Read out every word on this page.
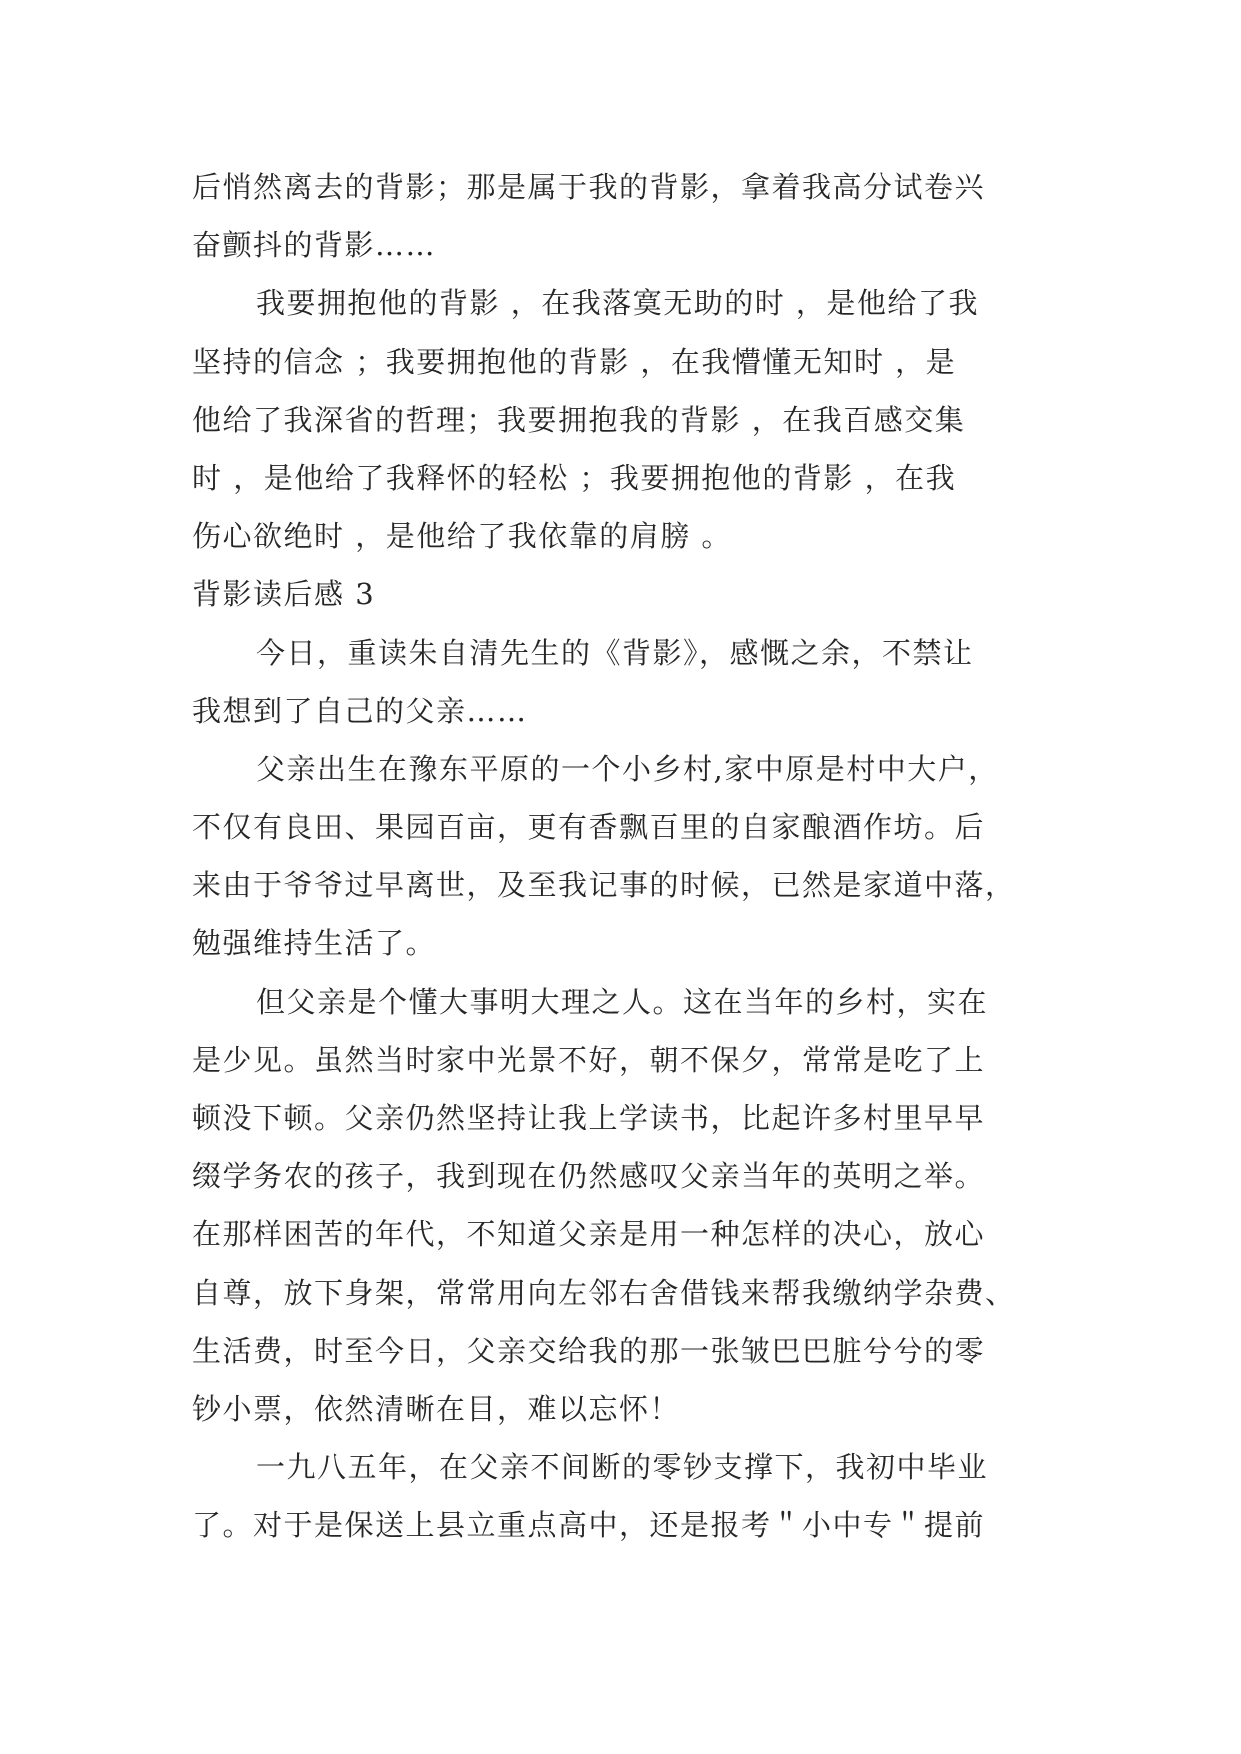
后悄然离去的背影；那是属于我的背影，拿着我高分试卷兴
奋颤抖的背影……
我要拥抱他的背影 ，在我落寞无助的时 ，是他给了我
坚持的信念 ；我要拥抱他的背影 ，在我懵懂无知时 ，是
他给了我深省的哲理；我要拥抱我的背影 ，在我百感交集
时 ，是他给了我释怀的轻松 ；我要拥抱他的背影 ，在我
伤心欲绝时 ，是他给了我依靠的肩膀 。
背影读后感 3
今日，重读朱自清先生的《背影》，感慨之余，不禁让
我想到了自己的父亲……
父亲出生在豫东平原的一个小乡村,家中原是村中大户，
不仅有良田、果园百亩，更有香飘百里的自家酿酒作坊。后
来由于爷爷过早离世，及至我记事的时候，已然是家道中落，
勉强维持生活了。
但父亲是个懂大事明大理之人。这在当年的乡村，实在
是少见。虽然当时家中光景不好，朝不保夕，常常是吃了上
顿没下顿。父亲仍然坚持让我上学读书，比起许多村里早早
缀学务农的孩子，我到现在仍然感叹父亲当年的英明之举。
在那样困苦的年代，不知道父亲是用一种怎样的决心，放心
自尊，放下身架，常常用向左邻右舍借钱来帮我缴纳学杂费、
生活费，时至今日，父亲交给我的那一张皱巴巴脏兮兮的零
钞小票，依然清晰在目，难以忘怀！
一九八五年，在父亲不间断的零钞支撑下，我初中毕业
了。对于是保送上县立重点高中，还是报考＂小中专＂提前
